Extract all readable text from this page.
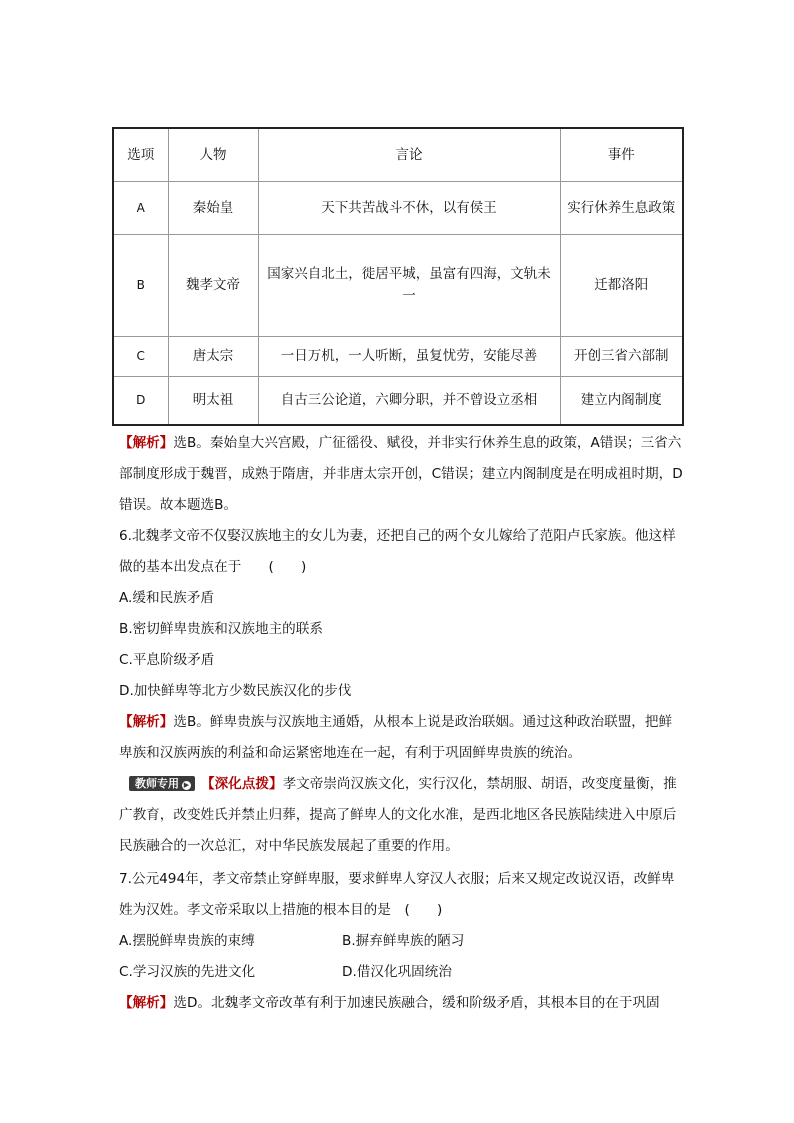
选项	人物	言论	事件
A	秦始皇	天下共苦战斗不休，以有侯王	实行休养生息政策
B	魏孝文帝	国家兴自北土，徙居平城，虽富有四海，文轨未一	迁都洛阳
C	唐太宗	一日万机，一人听断，虽复忧劳，安能尽善	开创三省六部制
D	明太祖	自古三公论道，六卿分职，并不曾设立丞相	建立内阁制度
【解析】选B。秦始皇大兴宫殿，广征徭役、赋役，并非实行休养生息的政策，A错误；三省六部制度形成于魏晋，成熟于隋唐，并非唐太宗开创，C错误；建立内阁制度是在明成祖时期，D错误。故本题选B。
6.北魏孝文帝不仅娶汉族地主的女儿为妻，还把自己的两个女儿嫁给了范阳卢氏家族。他这样做的基本出发点在于　　(　　)
A.缓和民族矛盾
B.密切鲜卑贵族和汉族地主的联系
C.平息阶级矛盾
D.加快鲜卑等北方少数民族汉化的步伐
【解析】选B。鲜卑贵族与汉族地主通婚，从根本上说是政治联姻。通过这种政治联盟，把鲜卑族和汉族两族的利益和命运紧密地连在一起，有利于巩固鲜卑贵族的统治。
教师专用 ▶ 【深化点拨】孝文帝崇尚汉族文化，实行汉化，禁胡服、胡语，改变度量衡，推广教育，改变姓氏并禁止归葬，提高了鲜卑人的文化水准，是西北地区各民族陆续进入中原后民族融合的一次总汇，对中华民族发展起了重要的作用。
7.公元494年，孝文帝禁止穿鲜卑服，要求鲜卑人穿汉人衣服；后来又规定改说汉语，改鲜卑姓为汉姓。孝文帝采取以上措施的根本目的是　(　　)
A.摆脱鲜卑贵族的束缚	B.摒弃鲜卑族的陋习
C.学习汉族的先进文化	D.借汉化巩固统治
【解析】选D。北魏孝文帝改革有利于加速民族融合，缓和阶级矛盾，其根本目的在于巩固
